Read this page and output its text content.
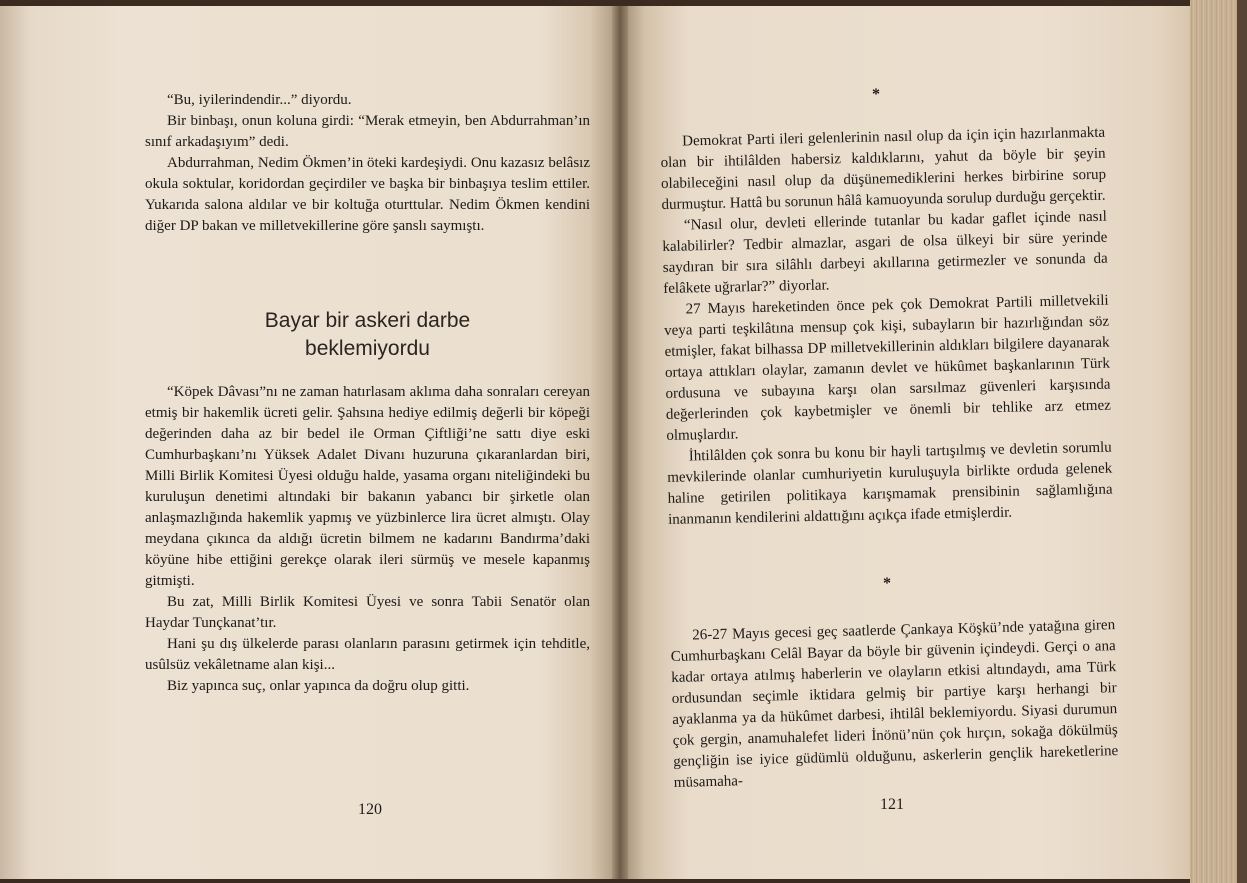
“Bu, iyilerindendir...” diyordu.

Bir binbaşı, onun koluna girdi: “Merak etmeyin, ben Abdurrahman’ın sınıf arkadaşıyım” dedi.

Abdurrahman, Nedim Ökmen’in öteki kardeşiydi. Onu kazasız belâsız okula soktular, koridordan geçirdiler ve başka bir binbaşıya teslim ettiler. Yukarıda salona aldılar ve bir koltuğa oturttular. Nedim Ökmen kendini diğer DP bakan ve milletvekillerine göre şanslı saymıştı.

Bayar bir askeri darbe
beklemiyordu

“Köpek Dâvası”nı ne zaman hatırlasam aklıma daha sonraları cereyan etmiş bir hakemlik ücreti gelir. Şahsına hediye edilmiş değerli bir köpeği değerinden daha az bir bedel ile Orman Çiftliği’ne sattı diye eski Cumhurbaşkanı’nı Yüksek Adalet Divanı huzuruna çıkaranlardan biri, Milli Birlik Komitesi Üyesi olduğu halde, yasama organı niteliğindeki bu kuruluşun denetimi altındaki bir bakanın yabancı bir şirketle olan anlaşmazlığında hakemlik yapmış ve yüzbinlerce lira ücret almıştı. Olay meydana çıkınca da aldığı ücretin bilmem ne kadarını Bandırma’daki köyüne hibe ettiğini gerekçe olarak ileri sürmüş ve mesele kapanmış gitmişti.

Bu zat, Milli Birlik Komitesi Üyesi ve sonra Tabii Senatör olan Haydar Tunçkanat’tır.

Hani şu dış ülkelerde parası olanların parasını getirmek için tehditle, usûlsüz vekâletname alan kişi...

Biz yapınca suç, onlar yapınca da doğru olup gitti.

120
*

Demokrat Parti ileri gelenlerinin nasıl olup da için için hazırlanmakta olan bir ihtilâlden habersiz kaldıklarını, yahut da böyle bir şeyin olabileceğini nasıl olup da düşünemediklerini herkes birbirine sorup durmuştur. Hattâ bu sorunun hâlâ kamuoyunda sorulup durduğu gerçektir.

“Nasıl olur, devleti ellerinde tutanlar bu kadar gaflet içinde nasıl kalabilirler? Tedbir almazlar, asgari de olsa ülkeyi bir süre yerinde saydıran bir sıra silâhlı darbeyi akıllarına getirmezler ve sonunda da felâkete uğrarlar?” diyorlar.

27 Mayıs hareketinden önce pek çok Demokrat Partili milletvekili veya parti teşkilâtına mensup çok kişi, subayların bir hazırlığından söz etmişler, fakat bilhassa DP milletvekillerinin aldıkları bilgilere dayanarak ortaya attıkları olaylar, zamanın devlet ve hükûmet başkanlarının Türk ordusuna ve subayına karşı olan sarsılmaz güvenleri karşısında değerlerinden çok kaybetmişler ve önemli bir tehlike arz etmez olmuşlardır.

İhtilâlden çok sonra bu konu bir hayli tartışılmış ve devletin sorumlu mevkilerinde olanlar cumhuriyetin kuruluşuyla birlikte orduda gelenek haline getirilen politikaya karışmamak prensibinin sağlamlığına inanmanın kendilerini aldattığını açıkça ifade etmişlerdir.

*

26-27 Mayıs gecesi geç saatlerde Çankaya Köşkü’nde yatağına giren Cumhurbaşkanı Celâl Bayar da böyle bir güvenin içindeydi. Gerçi o ana kadar ortaya atılmış haberlerin ve olayların etkisi altındaydı, ama Türk ordusundan seçimle iktidara gelmiş bir partiye karşı herhangi bir ayaklanma ya da hükûmet darbesi, ihtilâl beklemiyordu. Siyasi durumun çok gergin, anamuhalefet lideri İnönü’nün çok hırçın, sokağa dökülmüş gençliğin ise iyice güdümlü olduğunu, askerlerin gençlik hareketlerine müsamaha-

121
